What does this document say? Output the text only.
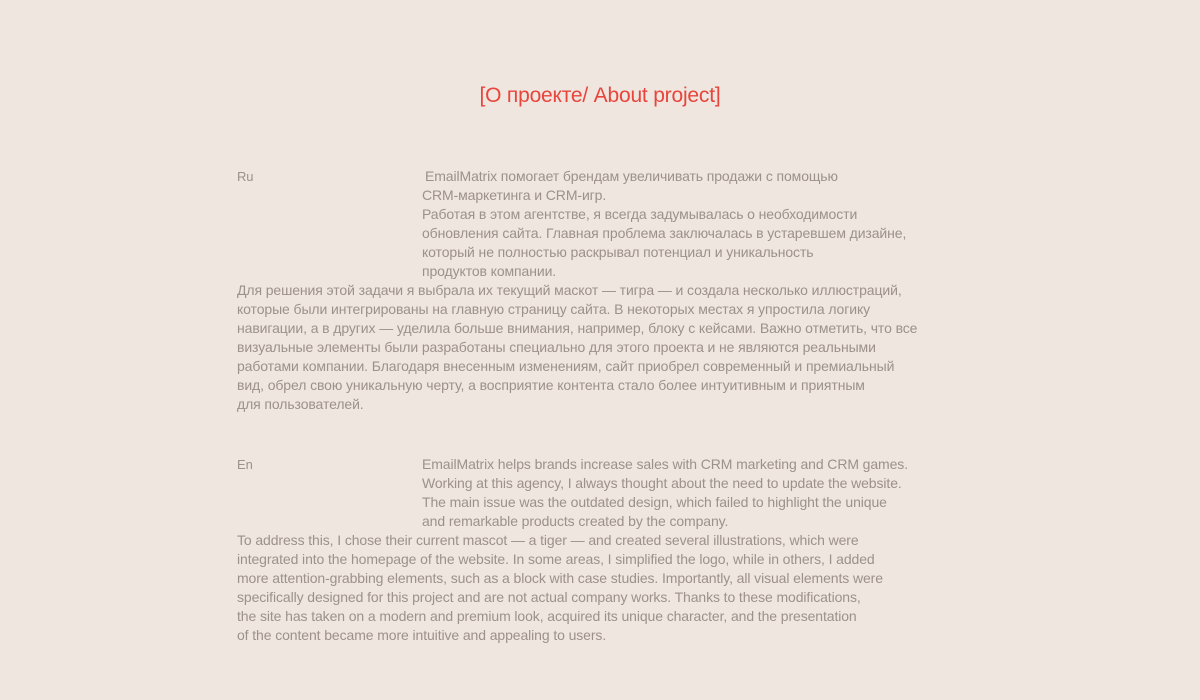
[О проекте/ About project]

Ru	EmailMatrix помогает брендам увеличивать продажи с помощью
CRM-маркетинга и CRM-игр.
Работая в этом агентстве, я всегда задумывалась о необходимости
обновления сайта. Главная проблема заключалась в устаревшем дизайне,
который не полностью раскрывал потенциал и уникальность
продуктов компании.

Для решения этой задачи я выбрала их текущий маскот — тигра — и создала несколько иллюстраций,
которые были интегрированы на главную страницу сайта. В некоторых местах я упростила логику
навигации, а в других — уделила больше внимания, например, блоку с кейсами. Важно отметить, что все
визуальные элементы были разработаны специально для этого проекта и не являются реальными
работами компании. Благодаря внесенным изменениям, сайт приобрел современный и премиальный
вид, обрел свою уникальную черту, а восприятие контента стало более интуитивным и приятным
для пользователей.

En	EmailMatrix helps brands increase sales with CRM marketing and CRM games.
Working at this agency, I always thought about the need to update the website.
The main issue was the outdated design, which failed to highlight the unique
and remarkable products created by the company.

To address this, I chose their current mascot — a tiger — and created several illustrations, which were
integrated into the homepage of the website. In some areas, I simplified the logo, while in others, I added
more attention-grabbing elements, such as a block with case studies. Importantly, all visual elements were
specifically designed for this project and are not actual company works. Thanks to these modifications,
the site has taken on a modern and premium look, acquired its unique character, and the presentation
of the content became more intuitive and appealing to users.
